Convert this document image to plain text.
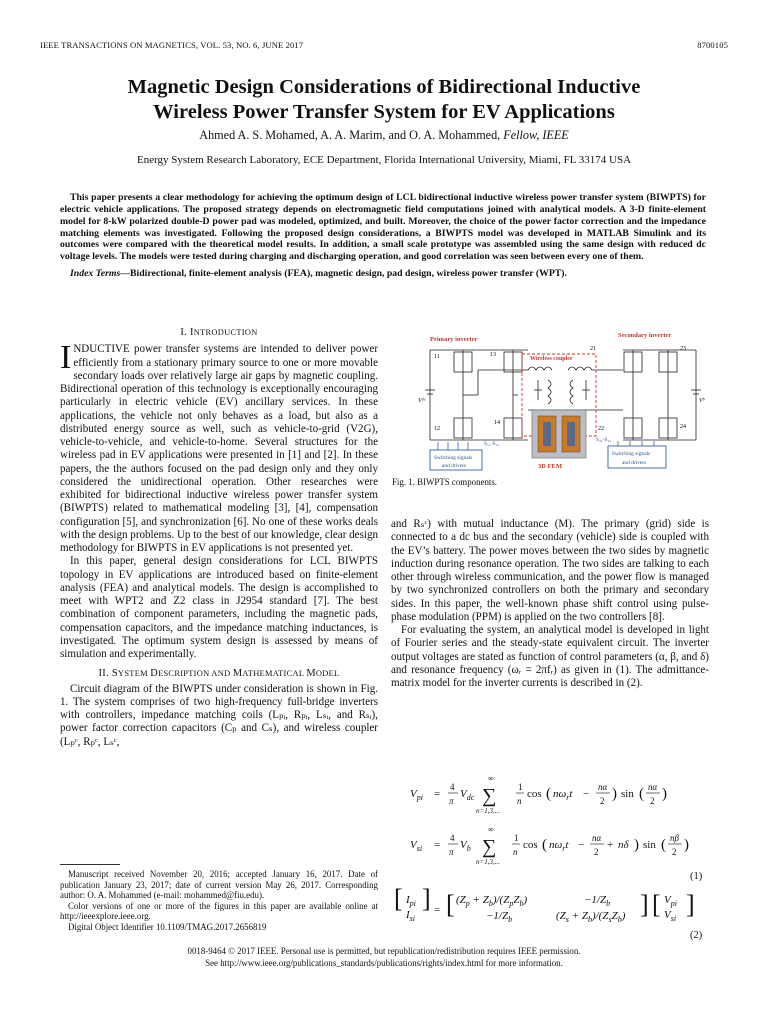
IEEE TRANSACTIONS ON MAGNETICS, VOL. 53, NO. 6, JUNE 2017	8700105
Magnetic Design Considerations of Bidirectional Inductive
Wireless Power Transfer System for EV Applications
Ahmed A. S. Mohamed, A. A. Marim, and O. A. Mohammed, Fellow, IEEE
Energy System Research Laboratory, ECE Department, Florida International University, Miami, FL 33174 USA

This paper presents a clear methodology for achieving the optimum design of LCL bidirectional inductive wireless power transfer system (BIWPTS) for electric vehicle applications. The proposed strategy depends on electromagnetic field computations joined with analytical models. A 3-D finite-element model for 8-kW polarized double-D power pad was modeled, optimized, and built. Moreover, the choice of the power factor correction and the impedance matching elements was investigated. Following the proposed design considerations, a BIWPTS model was developed in MATLAB Simulink and its outcomes were compared with the theoretical model results. In addition, a small scale prototype was assembled using the same design with reduced dc voltage levels. The models were tested during charging and discharging operation, and good correlation was seen between every one of them.

Index Terms—Bidirectional, finite-element analysis (FEA), magnetic design, pad design, wireless power transfer (WPT).

I. INTRODUCTION

INDUCTIVE power transfer systems are intended to deliver power efficiently from a stationary primary source to one or more movable secondary loads over relatively large air gaps by magnetic coupling. Bidirectional operation of this technology is exceptionally encouraging particularly in electric vehicle (EV) ancillary services. In these applications, the vehicle not only behaves as a load, but also as a distributed energy source as well, such as vehicle-to-grid (V2G), vehicle-to-vehicle, and vehicle-to-home. Several structures for the wireless pad in EV applications were presented in [1] and [2]. In these papers, the the authors focused on the pad design only and they only considered the unidirectional operation. Other researches were exhibited for bidirectional inductive wireless power transfer system (BIWPTS) related to mathematical modeling [3], [4], compensation configuration [5], and synchronization [6]. No one of these works deals with the design problems. Up to the best of our knowledge, clear design methodology for BIWPTS in EV applications is not presented yet.

In this paper, general design considerations for LCL BIWPTS topology in EV applications are introduced based on finite-element analysis (FEA) and analytical models. The design is accomplished to meet with WPT2 and Z2 class in J2954 standard [7]. The best combination of component parameters, including the magnetic pads, compensation capacitors, and the impedance matching inductances, is investigated. The optimum system design is assessed by means of simulation and experimentally.

II. SYSTEM DESCRIPTION AND MATHEMATICAL MODEL

Circuit diagram of the BIWPTS under consideration is shown in Fig. 1. The system comprises of two high-frequency full-bridge inverters with controllers, impedance matching coils (Lₚᵢ, Rₚᵢ, Lₛᵢ, and Rₛᵢ), power factor correction capacitors (Cₚ and Cₛ), and wireless coupler (Lₚᶜ, Rₚᶜ, Lₛᶜ,

Manuscript received November 20, 2016; accepted January 16, 2017. Date of publication January 23, 2017; date of current version May 26, 2017. Corresponding author: O. A. Mohammed (e-mail: mohammed@fiu.edu).

Color versions of one or more of the figures in this paper are available online at http://ieeexplore.ieee.org.

Digital Object Identifier 10.1109/TMAG.2017.2656819

Primary inverter
Secondary inverter
Wireless coupler
3D FEM
Switching signals
and drivers
Switching signals
and drivers
S₁₁-S₁₄
S₂₁-S₂₄
11	13
12
14
21	23
22	24
Vᵈᶜ	Vᵇ
Fig. 1. BIWPTS components.

and Rₛᶜ) with mutual inductance (M). The primary (grid) side is connected to a dc bus and the secondary (vehicle) side is coupled with the EV’s battery. The power moves between the two sides by magnetic induction during resonance operation. The two sides are talking to each other through wireless communication, and the power flow is managed by two synchronized controllers on both the primary and secondary sides. In this paper, the well-known phase shift control using pulse-phase modulation (PPM) is applied on the two controllers [8].

For evaluating the system, an analytical model is developed in light of Fourier series and the steady-state equivalent circuit. The inverter output voltages are stated as function of control parameters (α, β, and δ) and resonance frequency (ωᵣ = 2πfᵣ) as given in (1). The admittance-matrix model for the inverter currents is described in (2).

$V_{pi}$ =
4
π
$V_{dc}$
∞
∑
n=1,3,...
1
n
cos ( $n\omega_rt$ −
nα
2 ) sin ( nα
2 )
$V_{si}$ =
4
π
$V_b$
∞
∑
n=1,3,...
1
n
cos ( $n\omega_rt$ −
nα
2
+ nδ ) sin ( nβ
2 )
[ $I_{pi}$
$I_{si}$
] = [ $(Z_p + Z_b)/(Z_pZ_b)$	$-1/Z_b$
$-1/Z_b$	$(Z_s + Z_b)/(Z_sZ_b)$ ] [ $V_{pi}$
$V_{si}$ ]
(1)
(2)
0018-9464 © 2017 IEEE. Personal use is permitted, but republication/redistribution requires IEEE permission.
See http://www.ieee.org/publications_standards/publications/rights/index.html for more information.
